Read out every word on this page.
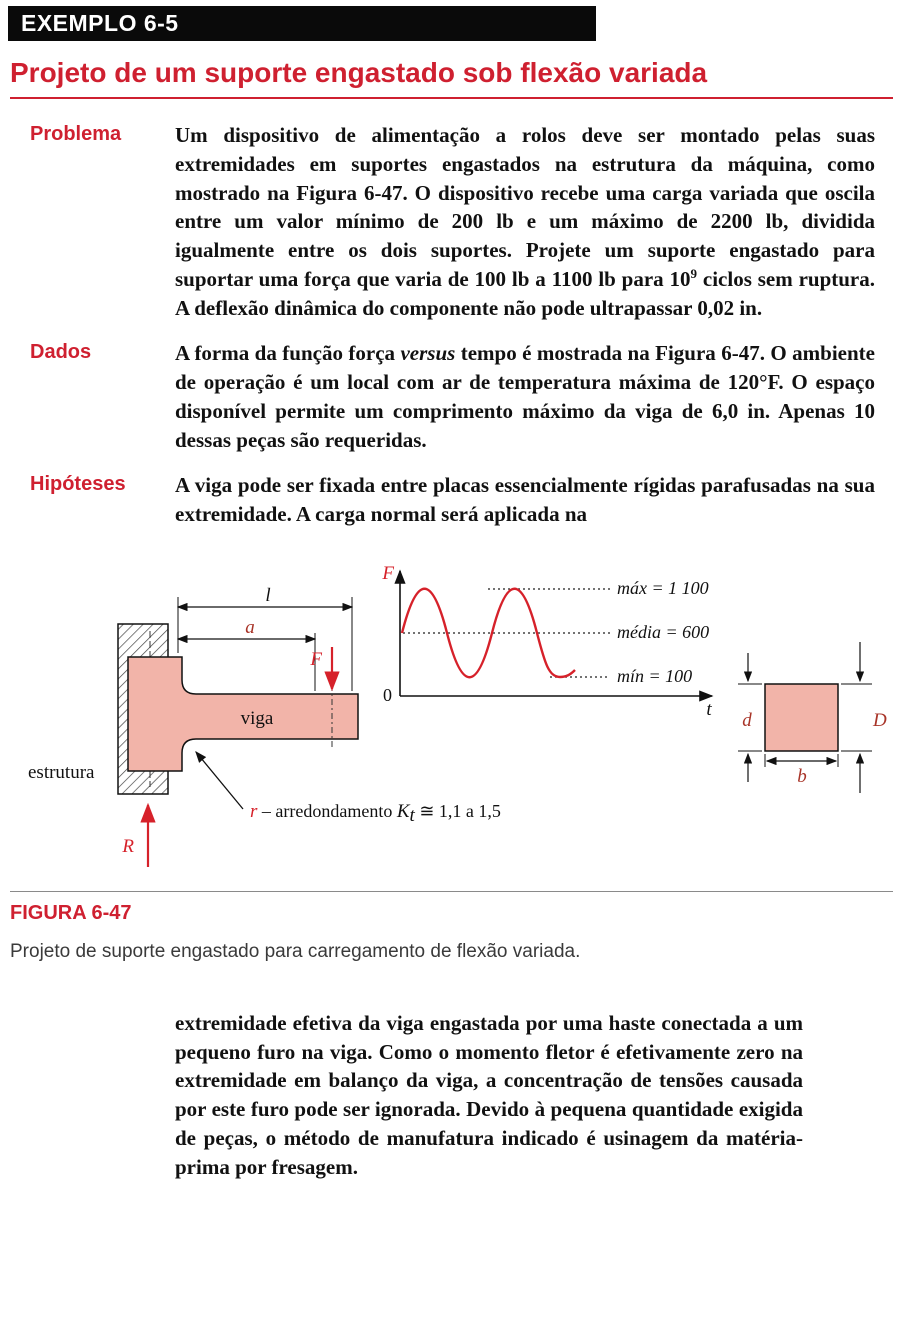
EXEMPLO 6-5
Projeto de um suporte engastado sob flexão variada
Problema	Um dispositivo de alimentação a rolos deve ser montado pelas suas extremidades em suportes engastados na estrutura da máquina, como mostrado na Figura 6-47. O dispositivo recebe uma carga variada que oscila entre um valor mínimo de 200 lb e um máximo de 2200 lb, dividida igualmente entre os dois suportes. Projete um suporte engastado para suportar uma força que varia de 100 lb a 1100 lb para $10^9$ ciclos sem ruptura. A deflexão dinâmica do componente não pode ultrapassar 0,02 in.

Dados	A forma da função força versus tempo é mostrada na Figura 6-47. O ambiente de operação é um local com ar de temperatura máxima de 120°F. O espaço disponível permite um comprimento máximo da viga de 6,0 in. Apenas 10 dessas peças são requeridas.

Hipóteses	A viga pode ser fixada entre placas essencialmente rígidas parafusadas na sua extremidade. A carga normal será aplicada na

viga
l
a
F
R
estrutura
r – arredondamento Kt ≅ 1,1 a 1,5
F
t
0
máx = 1 100
média = 600
mín = 100
d	D
b
FIGURA 6-47

Projeto de suporte engastado para carregamento de flexão variada.

extremidade efetiva da viga engastada por uma haste conectada a um pequeno furo na viga. Como o momento fletor é efetivamente zero na extremidade em balanço da viga, a concentração de tensões causada por este furo pode ser ignorada. Devido à pequena quantidade exigida de peças, o método de manufatura indicado é usinagem da matéria-prima por fresagem.
